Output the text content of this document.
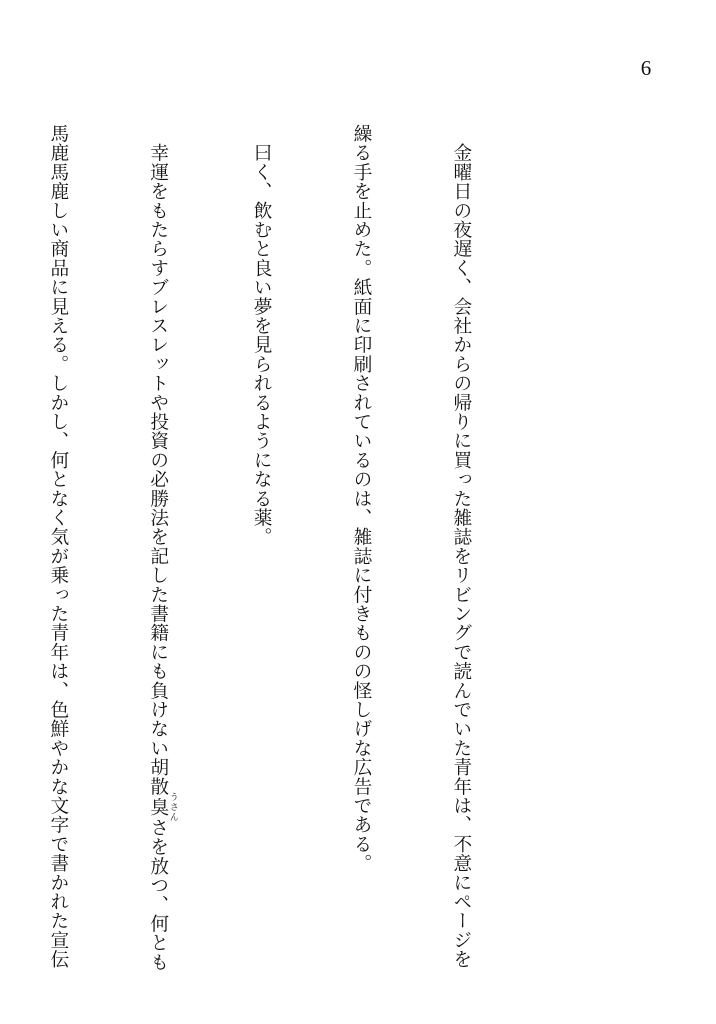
6

　金曜日の夜遅く、会社からの帰りに買った雑誌をリビングで読んでいた青年は、不意にページを

繰る手を止めた。紙面に印刷されているのは、雑誌に付きものの怪しげな広告である。

　曰く、飲むと良い夢を見られるようになる薬。

　幸運をもたらすブレスレットや投資の必勝法を記した書籍にも負けない胡散臭 うさんさを放つ、何とも

馬鹿馬鹿しい商品に見える。しかし、何となく気が乗った青年は、色鮮やかな文字で書かれた宣伝
